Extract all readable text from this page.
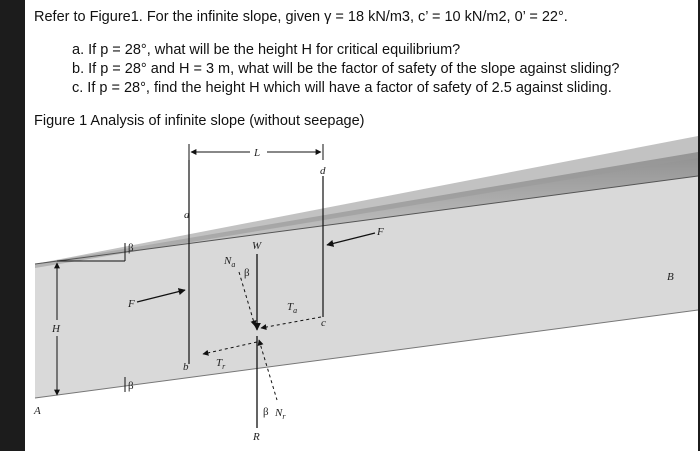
Refer to Figure1. For the infinite slope, given γ = 18 kN/m3, c’ = 10 kN/m2, 0’ = 22°.
a. If p = 28°, what will be the height H for critical equilibrium?
b. If p = 28° and H = 3 m, what will be the factor of safety of the slope against sliding?
c. If p = 28°, find the height H which will have a factor of safety of 2.5 against sliding.
Figure 1 Analysis of infinite slope (without seepage)
L
d
a
b
c
F
F
W
R
$N_a$
β
$T_a$
$T_r$
β $N_r$
β
β
H
A
B
